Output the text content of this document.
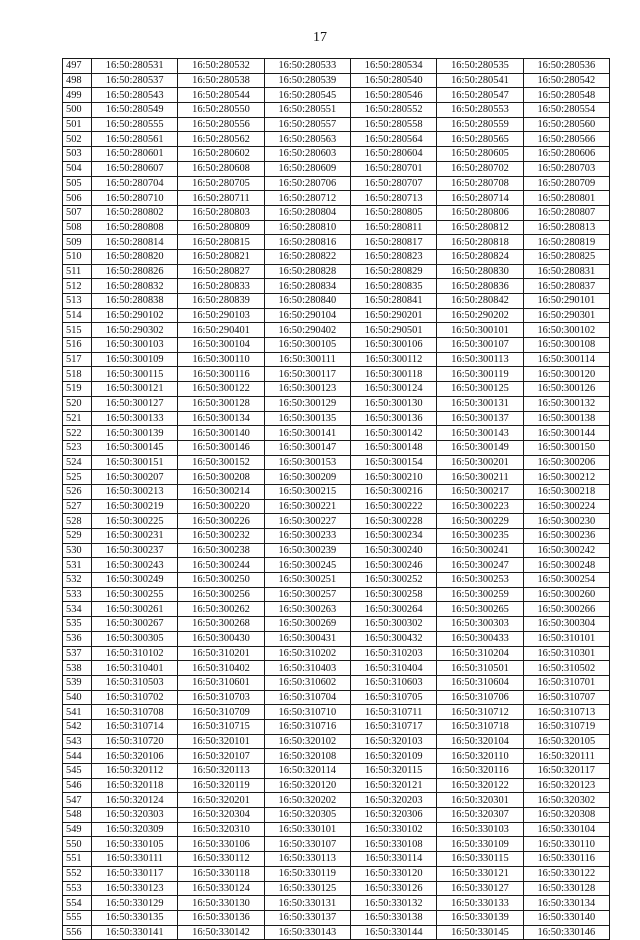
17
497	16:50:280531	16:50:280532	16:50:280533	16:50:280534	16:50:280535	16:50:280536
498	16:50:280537	16:50:280538	16:50:280539	16:50:280540	16:50:280541	16:50:280542
499	16:50:280543	16:50:280544	16:50:280545	16:50:280546	16:50:280547	16:50:280548
500	16:50:280549	16:50:280550	16:50:280551	16:50:280552	16:50:280553	16:50:280554
501	16:50:280555	16:50:280556	16:50:280557	16:50:280558	16:50:280559	16:50:280560
502	16:50:280561	16:50:280562	16:50:280563	16:50:280564	16:50:280565	16:50:280566
503	16:50:280601	16:50:280602	16:50:280603	16:50:280604	16:50:280605	16:50:280606
504	16:50:280607	16:50:280608	16:50:280609	16:50:280701	16:50:280702	16:50:280703
505	16:50:280704	16:50:280705	16:50:280706	16:50:280707	16:50:280708	16:50:280709
506	16:50:280710	16:50:280711	16:50:280712	16:50:280713	16:50:280714	16:50:280801
507	16:50:280802	16:50:280803	16:50:280804	16:50:280805	16:50:280806	16:50:280807
508	16:50:280808	16:50:280809	16:50:280810	16:50:280811	16:50:280812	16:50:280813
509	16:50:280814	16:50:280815	16:50:280816	16:50:280817	16:50:280818	16:50:280819
510	16:50:280820	16:50:280821	16:50:280822	16:50:280823	16:50:280824	16:50:280825
511	16:50:280826	16:50:280827	16:50:280828	16:50:280829	16:50:280830	16:50:280831
512	16:50:280832	16:50:280833	16:50:280834	16:50:280835	16:50:280836	16:50:280837
513	16:50:280838	16:50:280839	16:50:280840	16:50:280841	16:50:280842	16:50:290101
514	16:50:290102	16:50:290103	16:50:290104	16:50:290201	16:50:290202	16:50:290301
515	16:50:290302	16:50:290401	16:50:290402	16:50:290501	16:50:300101	16:50:300102
516	16:50:300103	16:50:300104	16:50:300105	16:50:300106	16:50:300107	16:50:300108
517	16:50:300109	16:50:300110	16:50:300111	16:50:300112	16:50:300113	16:50:300114
518	16:50:300115	16:50:300116	16:50:300117	16:50:300118	16:50:300119	16:50:300120
519	16:50:300121	16:50:300122	16:50:300123	16:50:300124	16:50:300125	16:50:300126
520	16:50:300127	16:50:300128	16:50:300129	16:50:300130	16:50:300131	16:50:300132
521	16:50:300133	16:50:300134	16:50:300135	16:50:300136	16:50:300137	16:50:300138
522	16:50:300139	16:50:300140	16:50:300141	16:50:300142	16:50:300143	16:50:300144
523	16:50:300145	16:50:300146	16:50:300147	16:50:300148	16:50:300149	16:50:300150
524	16:50:300151	16:50:300152	16:50:300153	16:50:300154	16:50:300201	16:50:300206
525	16:50:300207	16:50:300208	16:50:300209	16:50:300210	16:50:300211	16:50:300212
526	16:50:300213	16:50:300214	16:50:300215	16:50:300216	16:50:300217	16:50:300218
527	16:50:300219	16:50:300220	16:50:300221	16:50:300222	16:50:300223	16:50:300224
528	16:50:300225	16:50:300226	16:50:300227	16:50:300228	16:50:300229	16:50:300230
529	16:50:300231	16:50:300232	16:50:300233	16:50:300234	16:50:300235	16:50:300236
530	16:50:300237	16:50:300238	16:50:300239	16:50:300240	16:50:300241	16:50:300242
531	16:50:300243	16:50:300244	16:50:300245	16:50:300246	16:50:300247	16:50:300248
532	16:50:300249	16:50:300250	16:50:300251	16:50:300252	16:50:300253	16:50:300254
533	16:50:300255	16:50:300256	16:50:300257	16:50:300258	16:50:300259	16:50:300260
534	16:50:300261	16:50:300262	16:50:300263	16:50:300264	16:50:300265	16:50:300266
535	16:50:300267	16:50:300268	16:50:300269	16:50:300302	16:50:300303	16:50:300304
536	16:50:300305	16:50:300430	16:50:300431	16:50:300432	16:50:300433	16:50:310101
537	16:50:310102	16:50:310201	16:50:310202	16:50:310203	16:50:310204	16:50:310301
538	16:50:310401	16:50:310402	16:50:310403	16:50:310404	16:50:310501	16:50:310502
539	16:50:310503	16:50:310601	16:50:310602	16:50:310603	16:50:310604	16:50:310701
540	16:50:310702	16:50:310703	16:50:310704	16:50:310705	16:50:310706	16:50:310707
541	16:50:310708	16:50:310709	16:50:310710	16:50:310711	16:50:310712	16:50:310713
542	16:50:310714	16:50:310715	16:50:310716	16:50:310717	16:50:310718	16:50:310719
543	16:50:310720	16:50:320101	16:50:320102	16:50:320103	16:50:320104	16:50:320105
544	16:50:320106	16:50:320107	16:50:320108	16:50:320109	16:50:320110	16:50:320111
545	16:50:320112	16:50:320113	16:50:320114	16:50:320115	16:50:320116	16:50:320117
546	16:50:320118	16:50:320119	16:50:320120	16:50:320121	16:50:320122	16:50:320123
547	16:50:320124	16:50:320201	16:50:320202	16:50:320203	16:50:320301	16:50:320302
548	16:50:320303	16:50:320304	16:50:320305	16:50:320306	16:50:320307	16:50:320308
549	16:50:320309	16:50:320310	16:50:330101	16:50:330102	16:50:330103	16:50:330104
550	16:50:330105	16:50:330106	16:50:330107	16:50:330108	16:50:330109	16:50:330110
551	16:50:330111	16:50:330112	16:50:330113	16:50:330114	16:50:330115	16:50:330116
552	16:50:330117	16:50:330118	16:50:330119	16:50:330120	16:50:330121	16:50:330122
553	16:50:330123	16:50:330124	16:50:330125	16:50:330126	16:50:330127	16:50:330128
554	16:50:330129	16:50:330130	16:50:330131	16:50:330132	16:50:330133	16:50:330134
555	16:50:330135	16:50:330136	16:50:330137	16:50:330138	16:50:330139	16:50:330140
556	16:50:330141	16:50:330142	16:50:330143	16:50:330144	16:50:330145	16:50:330146
